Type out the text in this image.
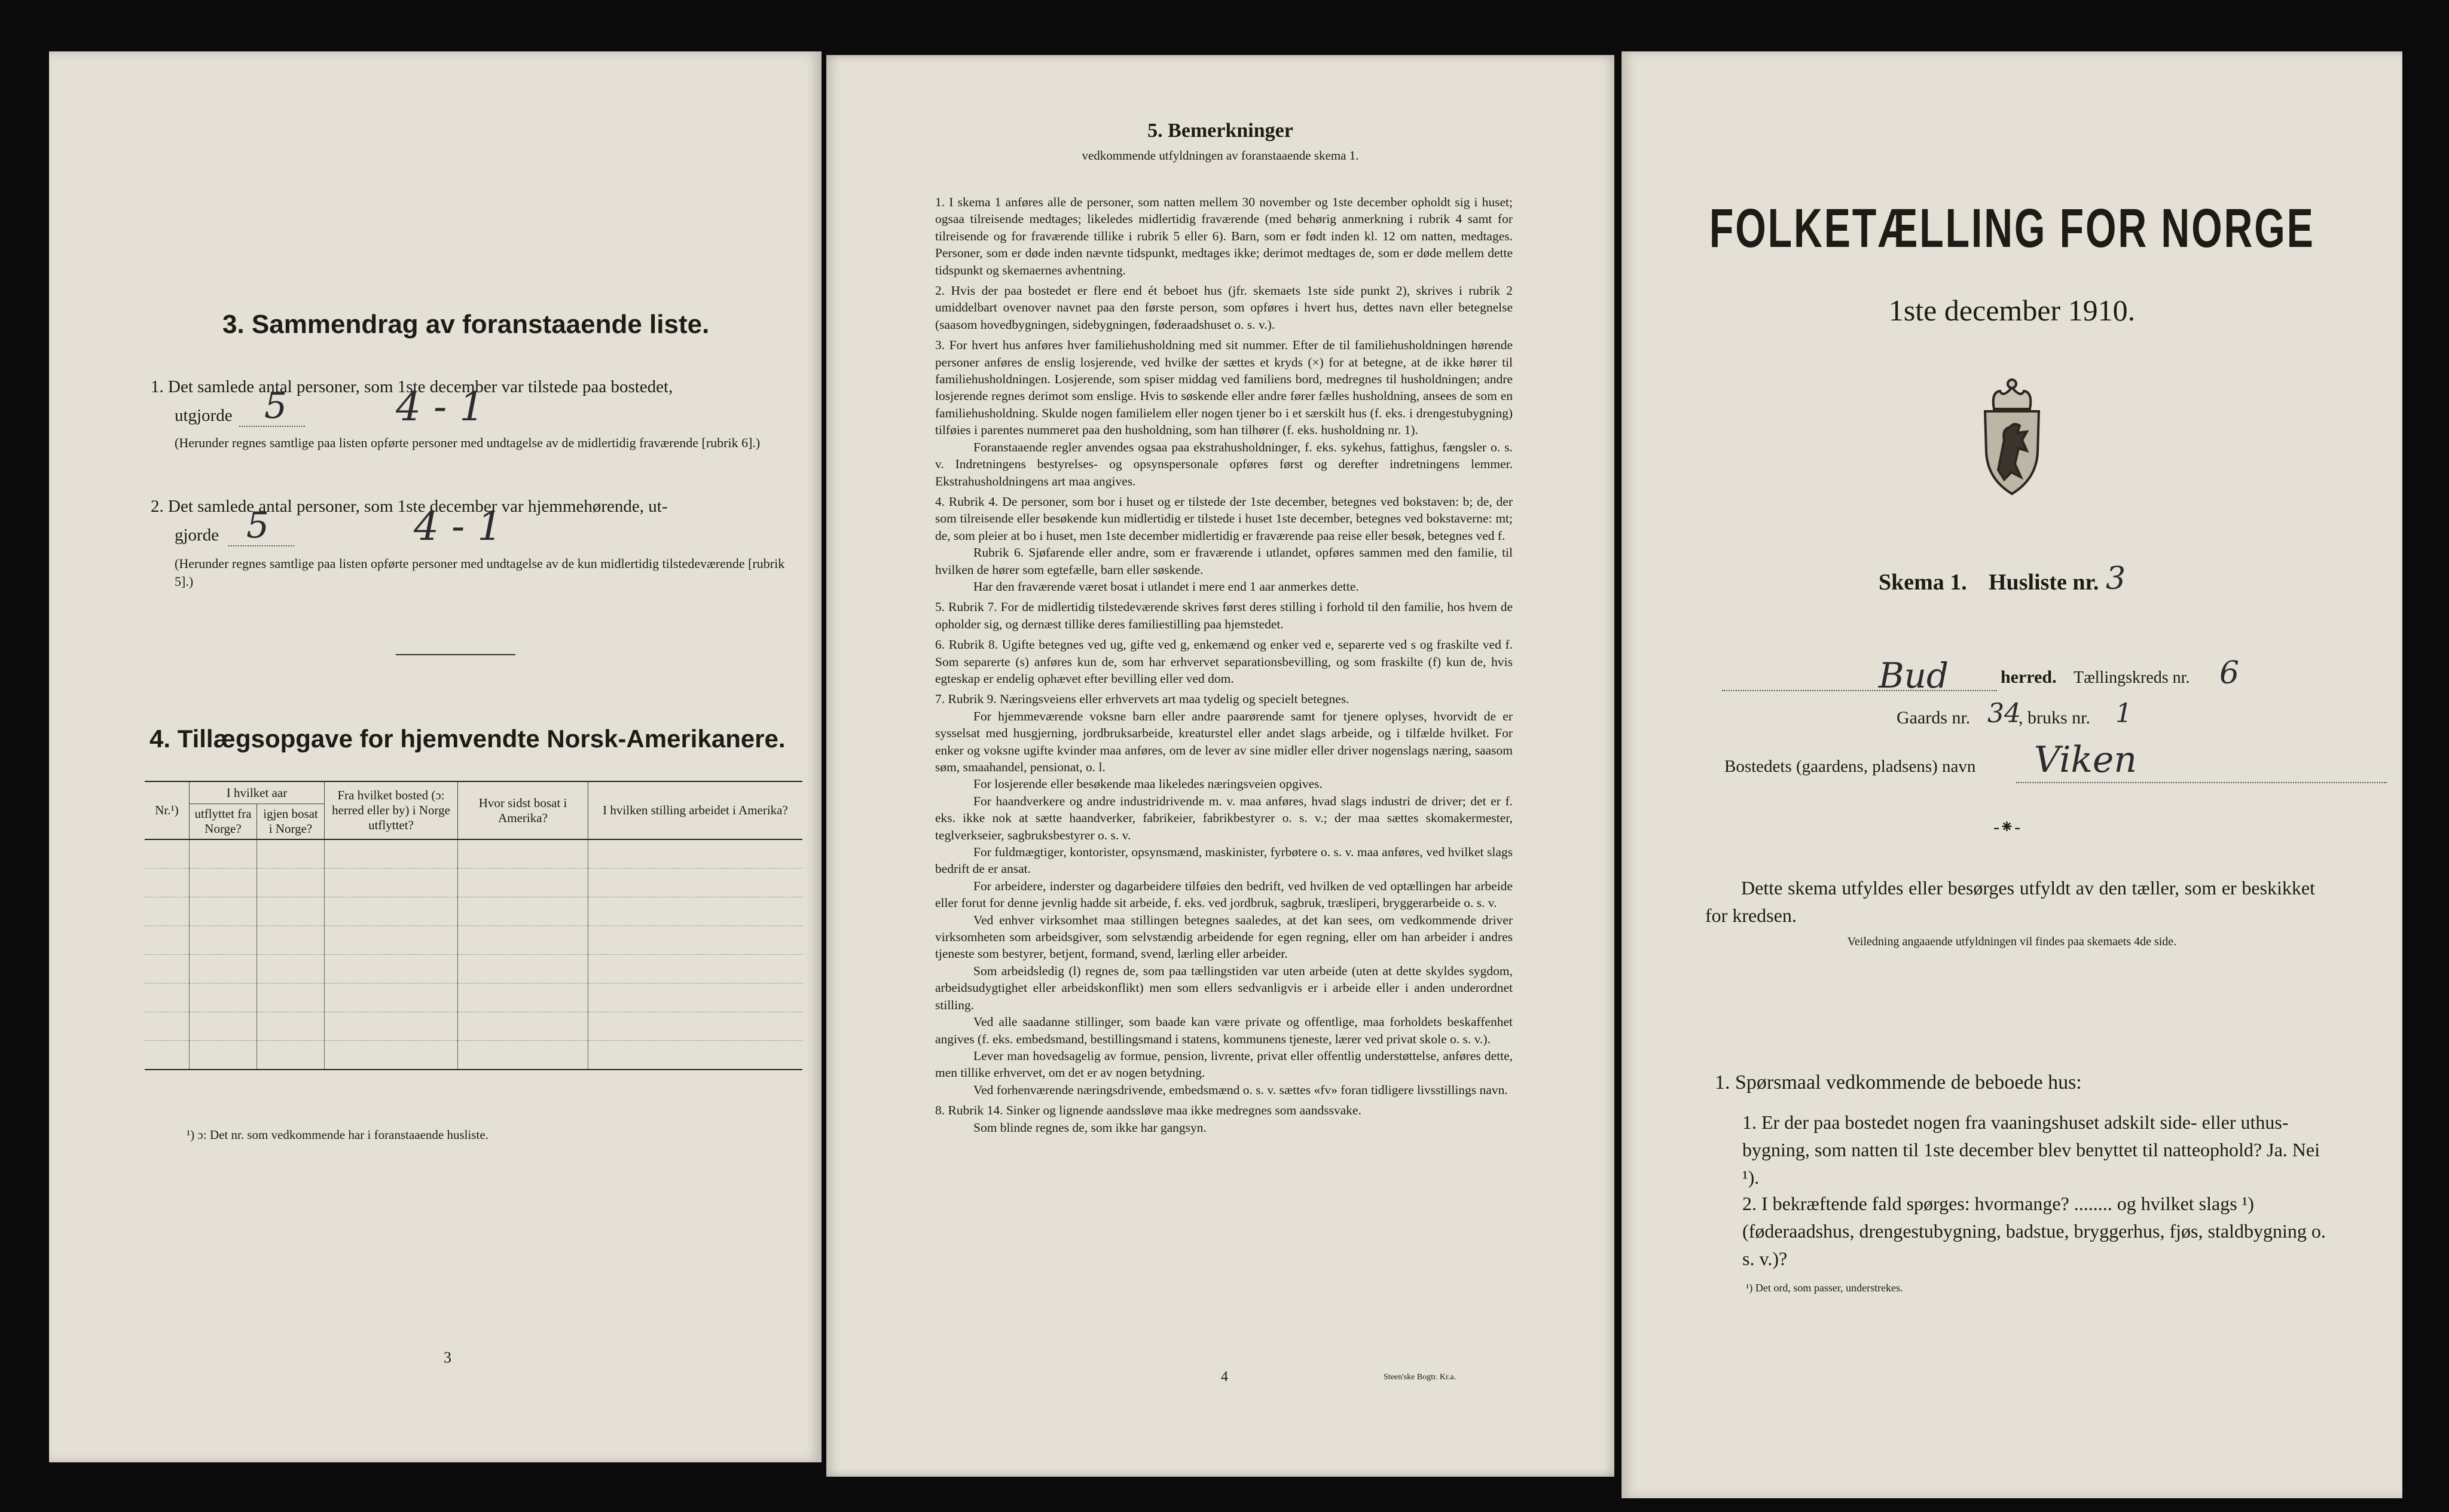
3. Sammendrag av foranstaaende liste.
1. Det samlede antal personer, som 1ste december var tilstede paa bostedet,
utgjorde 5	4 - 1
(Herunder regnes samtlige paa listen opførte personer med undtagelse av de midlertidig fraværende [rubrik 6].)
2. Det samlede antal personer, som 1ste december var hjemmehørende, ut-
gjorde 5	4 - 1
(Herunder regnes samtlige paa listen opførte personer med undtagelse av de kun midlertidig tilstedeværende [rubrik 5].)
4. Tillægsopgave for hjemvendte Norsk-Amerikanere.
Nr.¹)	I hvilket aar		Fra hvilket bosted (ɔ: herred eller by) i Norge utflyttet?	Hvor sidst bosat i Amerika?	I hvilken stilling arbeidet i Amerika?
	utflyttet fra Norge?	igjen bosat i Norge?			

¹) ɔ: Det nr. som vedkommende har i foranstaaende husliste.
3
5. Bemerkninger
vedkommende utfyldningen av foranstaaende skema 1.

1. I skema 1 anføres alle de personer, som natten mellem 30 november og 1ste december opholdt sig i huset; ogsaa tilreisende medtages; likeledes midlertidig fraværende (med behørig anmerkning i rubrik 4 samt for tilreisende og for fraværende tillike i rubrik 5 eller 6). Barn, som er født inden kl. 12 om natten, medtages. Personer, som er døde inden nævnte tidspunkt, medtages ikke; derimot medtages de, som er døde mellem dette tidspunkt og skemaernes avhentning.

2. Hvis der paa bostedet er flere end ét beboet hus (jfr. skemaets 1ste side punkt 2), skrives i rubrik 2 umiddelbart ovenover navnet paa den første person, som opføres i hvert hus, dettes navn eller betegnelse (saasom hovedbygningen, sidebygningen, føderaadshuset o. s. v.).

3. For hvert hus anføres hver familiehusholdning med sit nummer. Efter de til familiehusholdningen hørende personer anføres de enslig losjerende, ved hvilke der sættes et kryds (×) for at betegne, at de ikke hører til familiehusholdningen. Losjerende, som spiser middag ved familiens bord, medregnes til husholdningen; andre losjerende regnes derimot som enslige. Hvis to søskende eller andre fører fælles husholdning, ansees de som en familiehusholdning. Skulde nogen familielem eller nogen tjener bo i et særskilt hus (f. eks. i drengestubygning) tilføies i parentes nummeret paa den husholdning, som han tilhører (f. eks. husholdning nr. 1).

Foranstaaende regler anvendes ogsaa paa ekstrahusholdninger, f. eks. sykehus, fattighus, fængsler o. s. v. Indretningens bestyrelses- og opsynspersonale opføres først og derefter indretningens lemmer. Ekstrahusholdningens art maa angives.

4. Rubrik 4. De personer, som bor i huset og er tilstede der 1ste december, betegnes ved bokstaven: b; de, der som tilreisende eller besøkende kun midlertidig er tilstede i huset 1ste december, betegnes ved bokstaverne: mt; de, som pleier at bo i huset, men 1ste december midlertidig er fraværende paa reise eller besøk, betegnes ved f.

Rubrik 6. Sjøfarende eller andre, som er fraværende i utlandet, opføres sammen med den familie, til hvilken de hører som egtefælle, barn eller søskende.

Har den fraværende været bosat i utlandet i mere end 1 aar anmerkes dette.

5. Rubrik 7. For de midlertidig tilstedeværende skrives først deres stilling i forhold til den familie, hos hvem de opholder sig, og dernæst tillike deres familiestilling paa hjemstedet.

6. Rubrik 8. Ugifte betegnes ved ug, gifte ved g, enkemænd og enker ved e, separerte ved s og fraskilte ved f. Som separerte (s) anføres kun de, som har erhvervet separationsbevilling, og som fraskilte (f) kun de, hvis egteskap er endelig ophævet efter bevilling eller ved dom.

7. Rubrik 9. Næringsveiens eller erhvervets art maa tydelig og specielt betegnes.

For hjemmeværende voksne barn eller andre paarørende samt for tjenere oplyses, hvorvidt de er sysselsat med husgjerning, jordbruksarbeide, kreaturstel eller andet slags arbeide, og i tilfælde hvilket. For enker og voksne ugifte kvinder maa anføres, om de lever av sine midler eller driver nogenslags næring, saasom søm, smaahandel, pensionat, o. l.

For losjerende eller besøkende maa likeledes næringsveien opgives.

For haandverkere og andre industridrivende m. v. maa anføres, hvad slags industri de driver; det er f. eks. ikke nok at sætte haandverker, fabrikeier, fabrikbestyrer o. s. v.; der maa sættes skomakermester, teglverkseier, sagbruksbestyrer o. s. v.

For fuldmægtiger, kontorister, opsynsmænd, maskinister, fyrbøtere o. s. v. maa anføres, ved hvilket slags bedrift de er ansat.

For arbeidere, inderster og dagarbeidere tilføies den bedrift, ved hvilken de ved optællingen har arbeide eller forut for denne jevnlig hadde sit arbeide, f. eks. ved jordbruk, sagbruk, træsliperi, bryggerarbeide o. s. v.

Ved enhver virksomhet maa stillingen betegnes saaledes, at det kan sees, om vedkommende driver virksomheten som arbeidsgiver, som selvstændig arbeidende for egen regning, eller om han arbeider i andres tjeneste som bestyrer, betjent, formand, svend, lærling eller arbeider.

Som arbeidsledig (l) regnes de, som paa tællingstiden var uten arbeide (uten at dette skyldes sygdom, arbeidsudygtighet eller arbeidskonflikt) men som ellers sedvanligvis er i arbeide eller i anden underordnet stilling.

Ved alle saadanne stillinger, som baade kan være private og offentlige, maa forholdets beskaffenhet angives (f. eks. embedsmand, bestillingsmand i statens, kommunens tjeneste, lærer ved privat skole o. s. v.).

Lever man hovedsagelig av formue, pension, livrente, privat eller offentlig understøttelse, anføres dette, men tillike erhvervet, om det er av nogen betydning.

Ved forhenværende næringsdrivende, embedsmænd o. s. v. sættes «fv» foran tidligere livsstillings navn.

8. Rubrik 14. Sinker og lignende aandssløve maa ikke medregnes som aandssvake.

Som blinde regnes de, som ikke har gangsyn.

4	Steen'ske Bogtr. Kr.a.
FOLKETÆLLING FOR NORGE
1ste december 1910.
Skema 1. Husliste nr. 3
Bud	herred. Tællingskreds nr. 6
Gaards nr. 34
, bruks nr. 1
Bostedets (gaardens, pladsens) navn Viken
-⁕-
Dette skema utfyldes eller besørges utfyldt av den tæller, som er beskikket for kredsen.
Veiledning angaaende utfyldningen vil findes paa skemaets 4de side.
1. Spørsmaal vedkommende de beboede hus:
1. Er der paa bostedet nogen fra vaaningshuset adskilt side- eller uthus-bygning, som natten til 1ste december blev benyttet til natteophold? Ja. Nei ¹).
2. I bekræftende fald spørges: hvormange? ........ og hvilket slags ¹) (føderaadshus, drengestubygning, badstue, bryggerhus, fjøs, staldbygning o. s. v.)?
¹) Det ord, som passer, understrekes.
